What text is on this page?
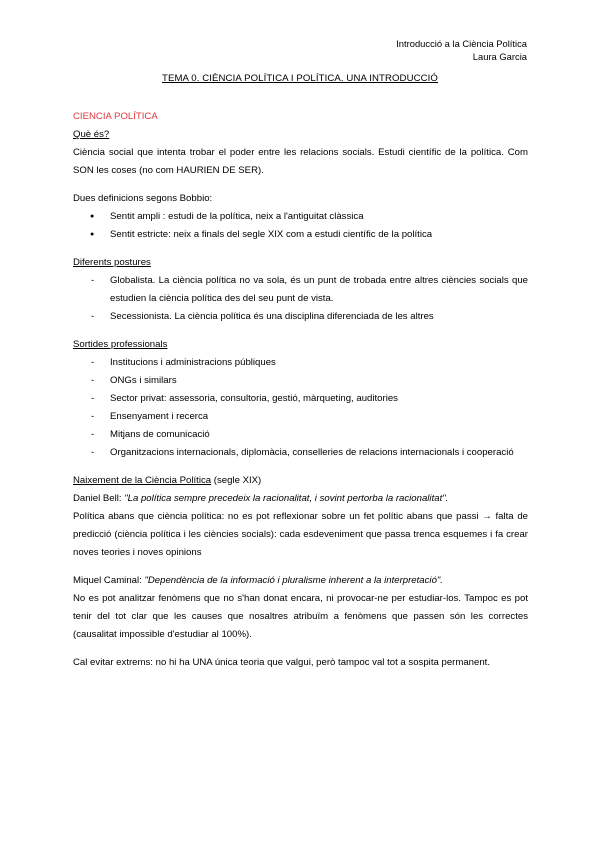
Introducció a la Ciència Política
Laura Garcia
TEMA 0. CIÈNCIA POLÍTICA I POLÍTICA. UNA INTRODUCCIÓ
CIENCIA POLÍTICA
Què és?
Ciència social que intenta trobar el poder entre les relacions socials. Estudi científic de la política. Com SON les coses (no com HAURIEN DE SER).
Dues definicions segons Bobbio:
● Sentit ampli : estudi de la política, neix a l'antiguitat clàssica
● Sentit estricte: neix a finals del segle XIX com a estudi científic de la política
Diferents postures
- Globalista. La ciència política no va sola, és un punt de trobada entre altres ciències socials que estudien la ciència política des del seu punt de vista.
- Secessionista. La ciència política és una disciplina diferenciada de les altres
Sortides professionals
- Institucions i administracions públiques
- ONGs i similars
- Sector privat: assessoria, consultoria, gestió, màrqueting, auditories
- Ensenyament i recerca
- Mitjans de comunicació
- Organitzacions internacionals, diplomàcia, conselleries de relacions internacionals i cooperació
Naixement de la Ciència Política (segle XIX)
Daniel Bell: "La política sempre precedeix la racionalitat, i sovint pertorba la racionalitat".
Política abans que ciència política: no es pot reflexionar sobre un fet polític abans que passi → falta de predicció (ciència política i les ciències socials): cada esdeveniment que passa trenca esquemes i fa crear noves teories i noves opinions
Miquel Caminal: "Dependència de la informació i pluralisme inherent a la interpretació".
No es pot analitzar fenòmens que no s'han donat encara, ni provocar-ne per estudiar-los. Tampoc es pot tenir del tot clar que les causes que nosaltres atribuïm a fenòmens que passen són les correctes (causalitat impossible d'estudiar al 100%).
Cal evitar extrems: no hi ha UNA única teoria que valgui, però tampoc val tot a sospita permanent.
